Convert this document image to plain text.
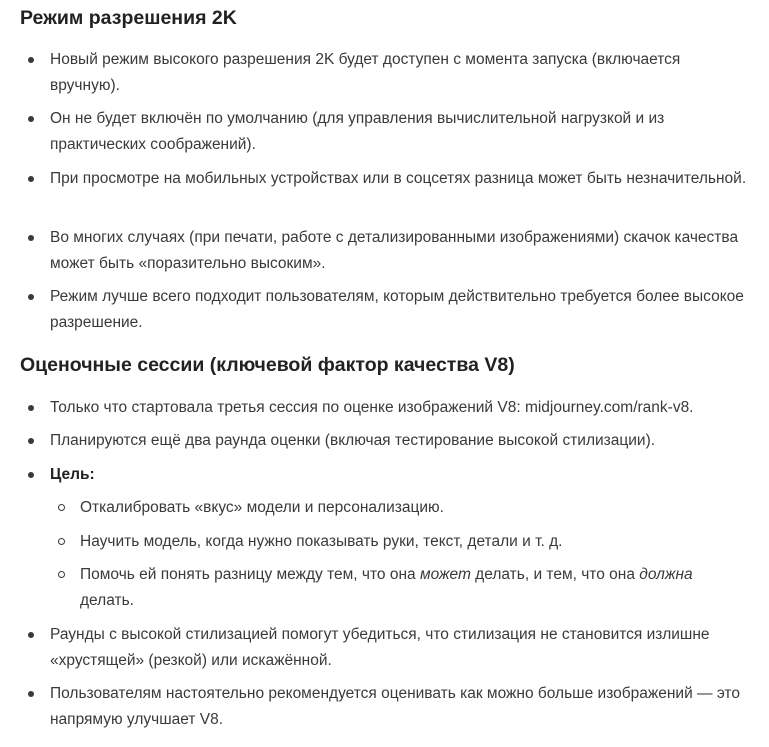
Режим разрешения 2K
Новый режим высокого разрешения 2K будет доступен с момента запуска (включается вручную).
Он не будет включён по умолчанию (для управления вычислительной нагрузкой и из практических соображений).
При просмотре на мобильных устройствах или в соцсетях разница может быть незначительной.
Во многих случаях (при печати, работе с детализированными изображениями) скачок качества может быть «поразительно высоким».
Режим лучше всего подходит пользователям, которым действительно требуется более высокое разрешение.
Оценочные сессии (ключевой фактор качества V8)
Только что стартовала третья сессия по оценке изображений V8: midjourney.com/rank-v8.
Планируются ещё два раунда оценки (включая тестирование высокой стилизации).
Цель:
Откалибровать «вкус» модели и персонализацию.
Научить модель, когда нужно показывать руки, текст, детали и т. д.
Помочь ей понять разницу между тем, что она может делать, и тем, что она должна делать.
Раунды с высокой стилизацией помогут убедиться, что стилизация не становится излишне «хрустящей» (резкой) или искажённой.
Пользователям настоятельно рекомендуется оценивать как можно больше изображений — это напрямую улучшает V8.
